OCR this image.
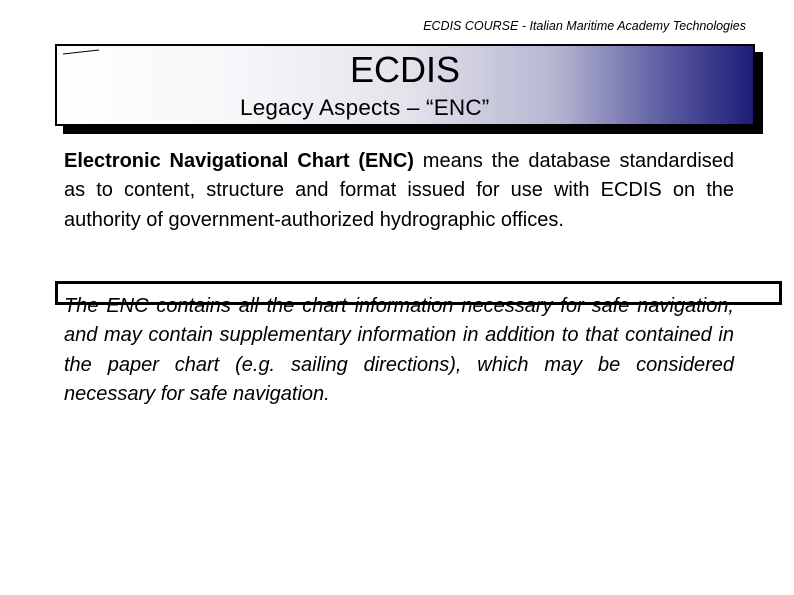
ECDIS COURSE - Italian Maritime Academy Technologies
ECDIS
Legacy Aspects – “ENC”
Electronic Navigational Chart (ENC) means the database standardised as to content, structure and format issued for use with ECDIS on the authority of government-authorized hydrographic offices.
The ENC contains all the chart information necessary for safe navigation, and may contain supplementary information in addition to that contained in the paper chart (e.g. sailing directions), which may be considered necessary for safe navigation.
